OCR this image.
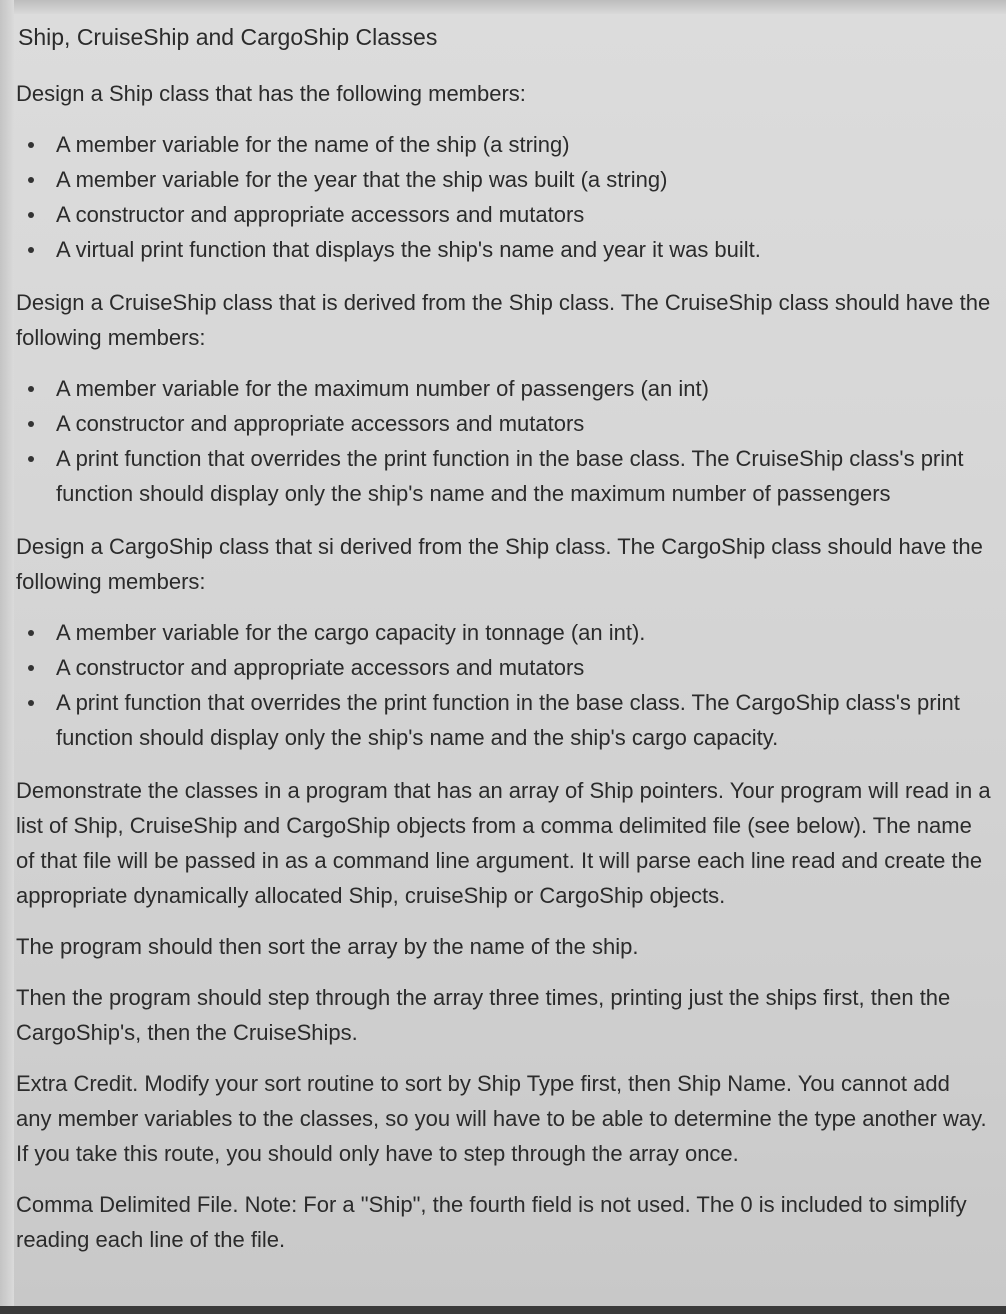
Ship, CruiseShip and CargoShip Classes

Design a Ship class that has the following members:

A member variable for the name of the ship (a string)
A member variable for the year that the ship was built (a string)
A constructor and appropriate accessors and mutators
A virtual print function that displays the ship's name and year it was built.

Design a CruiseShip class that is derived from the Ship class. The CruiseShip class should have the following members:

A member variable for the maximum number of passengers (an int)
A constructor and appropriate accessors and mutators
A print function that overrides the print function in the base class. The CruiseShip class's print function should display only the ship's name and the maximum number of passengers

Design a CargoShip class that si derived from the Ship class. The CargoShip class should have the following members:

A member variable for the cargo capacity in tonnage (an int).
A constructor and appropriate accessors and mutators
A print function that overrides the print function in the base class. The CargoShip class's print function should display only the ship's name and the ship's cargo capacity.

Demonstrate the classes in a program that has an array of Ship pointers. Your program will read in a list of Ship, CruiseShip and CargoShip objects from a comma delimited file (see below). The name of that file will be passed in as a command line argument. It will parse each line read and create the appropriate dynamically allocated Ship, cruiseShip or CargoShip objects.

The program should then sort the array by the name of the ship.

Then the program should step through the array three times, printing just the ships first, then the CargoShip's, then the CruiseShips.

Extra Credit. Modify your sort routine to sort by Ship Type first, then Ship Name. You cannot add any member variables to the classes, so you will have to be able to determine the type another way. If you take this route, you should only have to step through the array once.

Comma Delimited File. Note: For a "Ship", the fourth field is not used. The 0 is included to simplify reading each line of the file.
